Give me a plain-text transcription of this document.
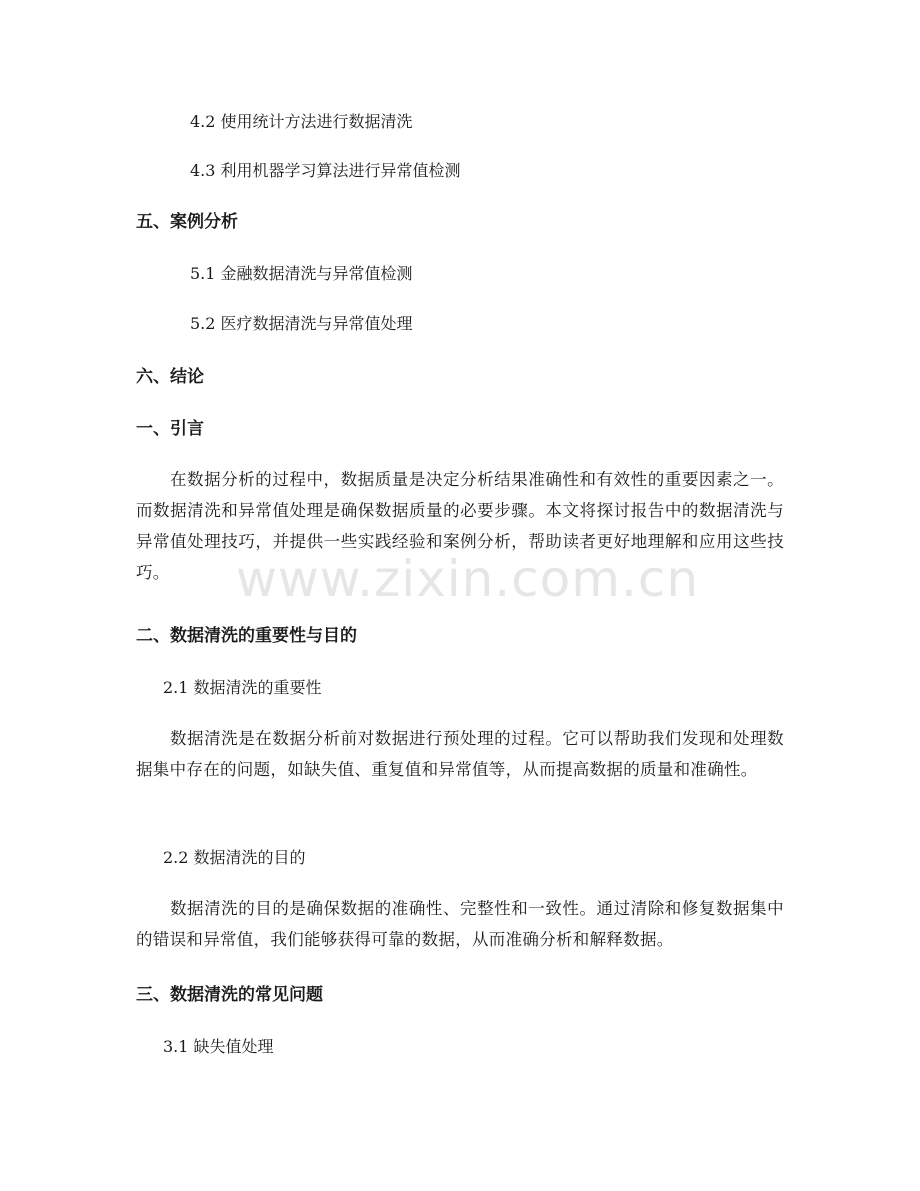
4.2 使用统计方法进行数据清洗
4.3 利用机器学习算法进行异常值检测
五、案例分析
5.1 金融数据清洗与异常值检测
5.2 医疗数据清洗与异常值处理
六、结论
一、引言
在数据分析的过程中，数据质量是决定分析结果准确性和有效性的重要因素之一。而数据清洗和异常值处理是确保数据质量的必要步骤。本文将探讨报告中的数据清洗与异常值处理技巧，并提供一些实践经验和案例分析，帮助读者更好地理解和应用这些技巧。
二、数据清洗的重要性与目的
2.1 数据清洗的重要性
数据清洗是在数据分析前对数据进行预处理的过程。它可以帮助我们发现和处理数据集中存在的问题，如缺失值、重复值和异常值等，从而提高数据的质量和准确性。
2.2 数据清洗的目的
数据清洗的目的是确保数据的准确性、完整性和一致性。通过清除和修复数据集中的错误和异常值，我们能够获得可靠的数据，从而准确分析和解释数据。
三、数据清洗的常见问题
3.1 缺失值处理
www.zixin.com.cn
